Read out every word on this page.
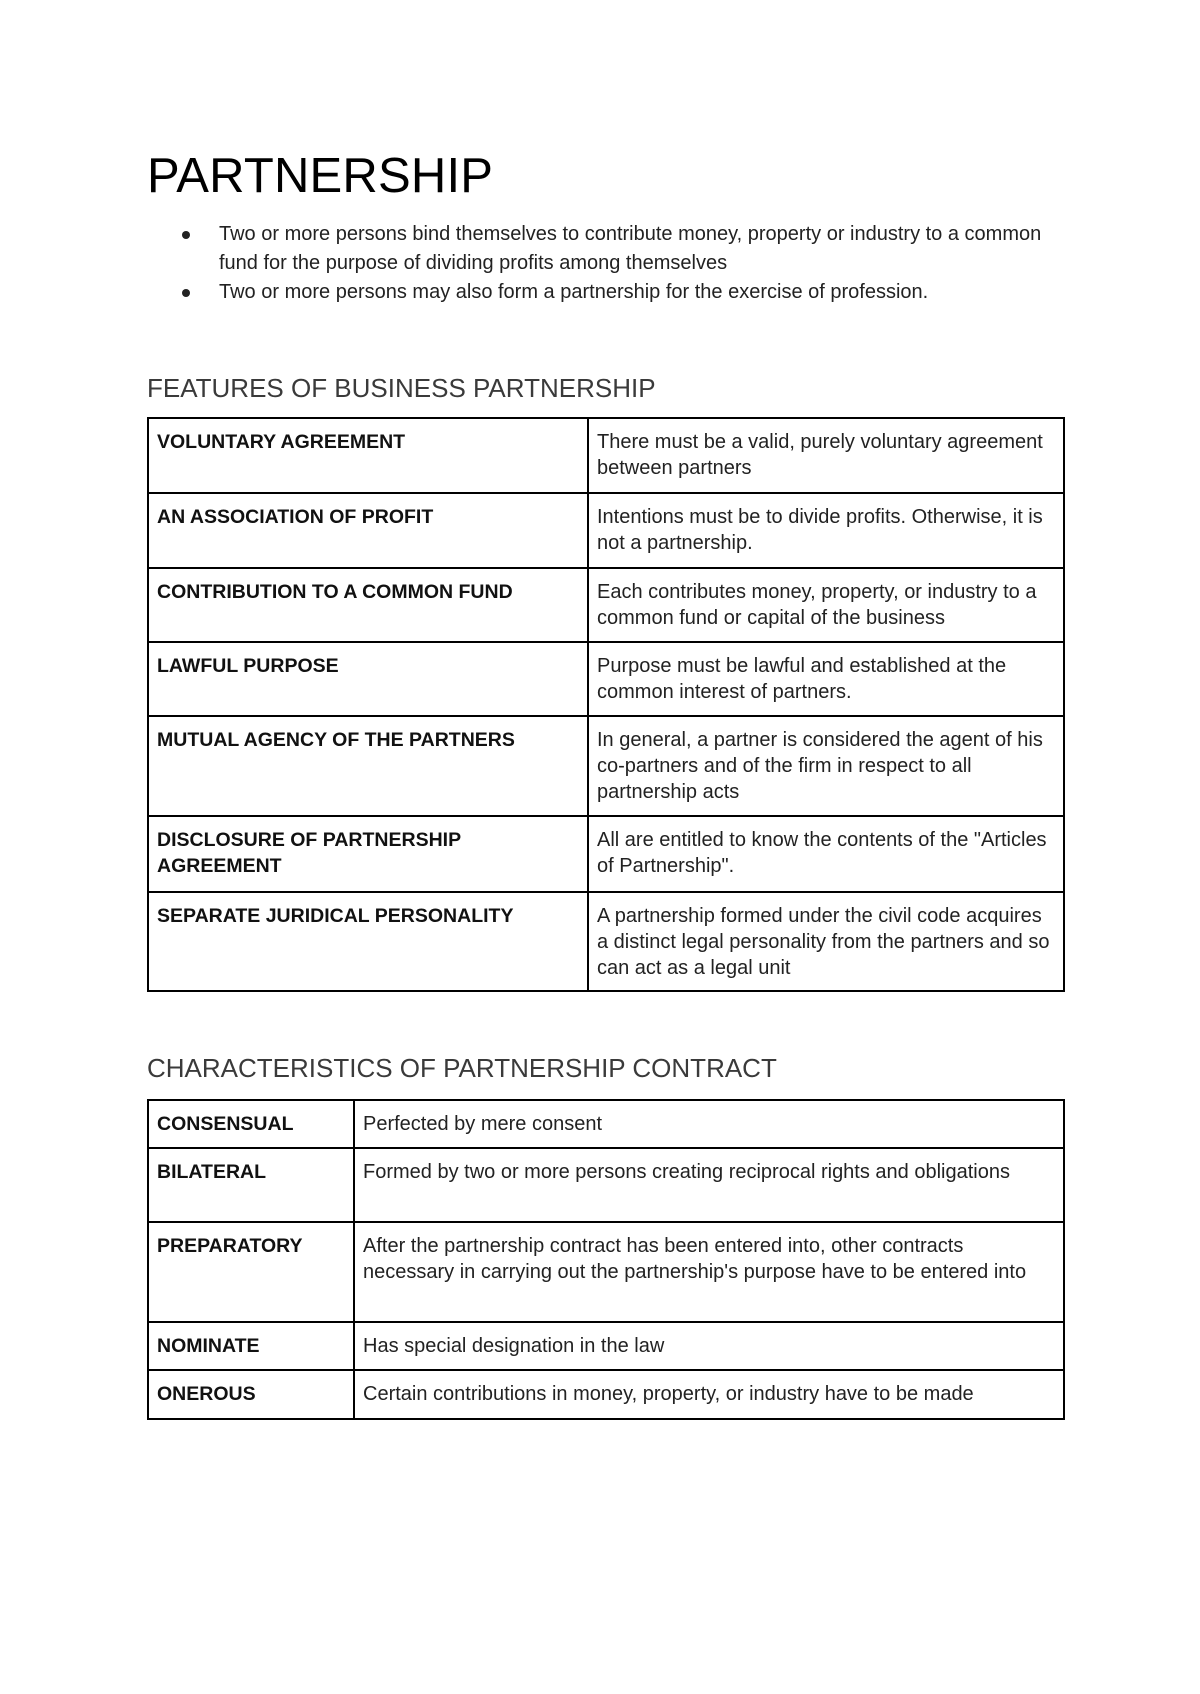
PARTNERSHIP
Two or more persons bind themselves to contribute money, property or industry to a common fund for the purpose of dividing profits among themselves
Two or more persons may also form a partnership for the exercise of profession.
FEATURES OF BUSINESS PARTNERSHIP
VOLUNTARY AGREEMENT	There must be a valid, purely voluntary agreement between partners
AN ASSOCIATION OF PROFIT	Intentions must be to divide profits. Otherwise, it is not a partnership.
CONTRIBUTION TO A COMMON FUND	Each contributes money, property, or industry to a common fund or capital of the business
LAWFUL PURPOSE	Purpose must be lawful and established at the common interest of partners.
MUTUAL AGENCY OF THE PARTNERS	In general, a partner is considered the agent of his co-partners and of the firm in respect to all partnership acts
DISCLOSURE OF PARTNERSHIP AGREEMENT	All are entitled to know the contents of the "Articles of Partnership".
SEPARATE JURIDICAL PERSONALITY	A partnership formed under the civil code acquires a distinct legal personality from the partners and so can act as a legal unit
CHARACTERISTICS OF PARTNERSHIP CONTRACT
CONSENSUAL	Perfected by mere consent
BILATERAL	Formed by two or more persons creating reciprocal rights and obligations
PREPARATORY	After the partnership contract has been entered into, other contracts necessary in carrying out the partnership's purpose have to be entered into
NOMINATE	Has special designation in the law
ONEROUS	Certain contributions in money, property, or industry have to be made
